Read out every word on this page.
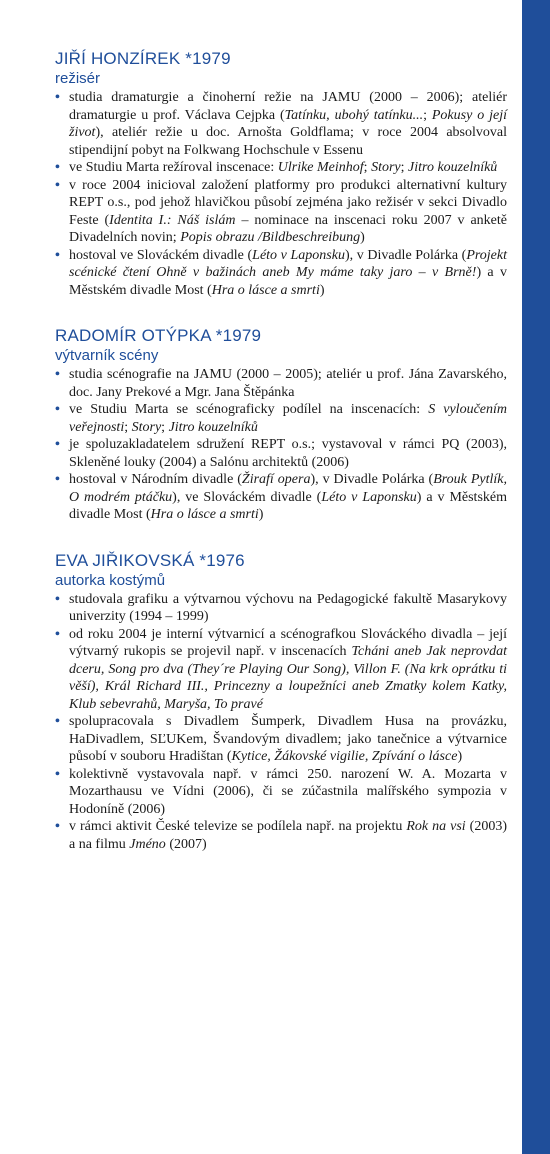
JIŘÍ HONZÍREK *1979
režisér
• studia dramaturgie a činoherní režie na JAMU (2000 – 2006); ateliér dramaturgie u prof. Václava Cejpka (Tatínku, ubohý tatínku...; Pokusy o její život), ateliér režie u doc. Arnošta Goldflama; v roce 2004 absolvoval stipendijní pobyt na Folkwang Hochschule v Essenu
• ve Studiu Marta režíroval inscenace: Ulrike Meinhof; Story; Jitro kouzelníků
• v roce 2004 inicioval založení platformy pro produkci alternativní kultury REPT o.s., pod jehož hlavičkou působí zejména jako režisér v sekci Divadlo Feste (Identita I.: Náš islám – nominace na inscenaci roku 2007 v anketě Divadelních novin; Popis obrazu /Bildbeschreibung)
• hostoval ve Slováckém divadle (Léto v Laponsku), v Divadle Polárka (Projekt scénické čtení Ohně v bažinách aneb My máme taky jaro – v Brně!) a v Městském divadle Most (Hra o lásce a smrti)
RADOMÍR OTÝPKA *1979
výtvarník scény
• studia scénografie na JAMU (2000 – 2005); ateliér u prof. Jána Zavarského, doc. Jany Prekové a Mgr. Jana Štěpánka
• ve Studiu Marta se scénograficky podílel na inscenacích: S vyloučením veřejnosti; Story; Jitro kouzelníků
• je spoluzakladatelem sdružení REPT o.s.; vystavoval v rámci PQ (2003), Skleněné louky (2004) a Salónu architektů (2006)
• hostoval v Národním divadle (Žirafí opera), v Divadle Polárka (Brouk Pytlík, O modrém ptáčku), ve Slováckém divadle (Léto v Laponsku) a v Městském divadle Most (Hra o lásce a smrti)
EVA JIŘIKOVSKÁ *1976
autorka kostýmů
• studovala grafiku a výtvarnou výchovu na Pedagogické fakultě Masarykovy univerzity (1994 – 1999)
• od roku 2004 je interní výtvarnicí a scénografkou Slováckého divadla – její výtvarný rukopis se projevil např. v inscenacích Tcháni aneb Jak neprovdat dceru, Song pro dva (They´re Playing Our Song), Villon F. (Na krk oprátku ti věší), Král Richard III., Princezny a loupežníci aneb Zmatky kolem Katky, Klub sebevrahů, Maryša, To pravé
• spolupracovala s Divadlem Šumperk, Divadlem Husa na provázku, HaDivadlem, SĽUKem, Švandovým divadlem; jako tanečnice a výtvarnice působí v souboru Hradištan (Kytice, Žákovské vigilie, Zpívání o lásce)
• kolektivně vystavovala např. v rámci 250. narození W. A. Mozarta v Mozarthausu ve Vídni (2006), či se zúčastnila malířského sympozia v Hodoníně (2006)
• v rámci aktivit České televize se podílela např. na projektu Rok na vsi (2003) a na filmu Jméno (2007)
